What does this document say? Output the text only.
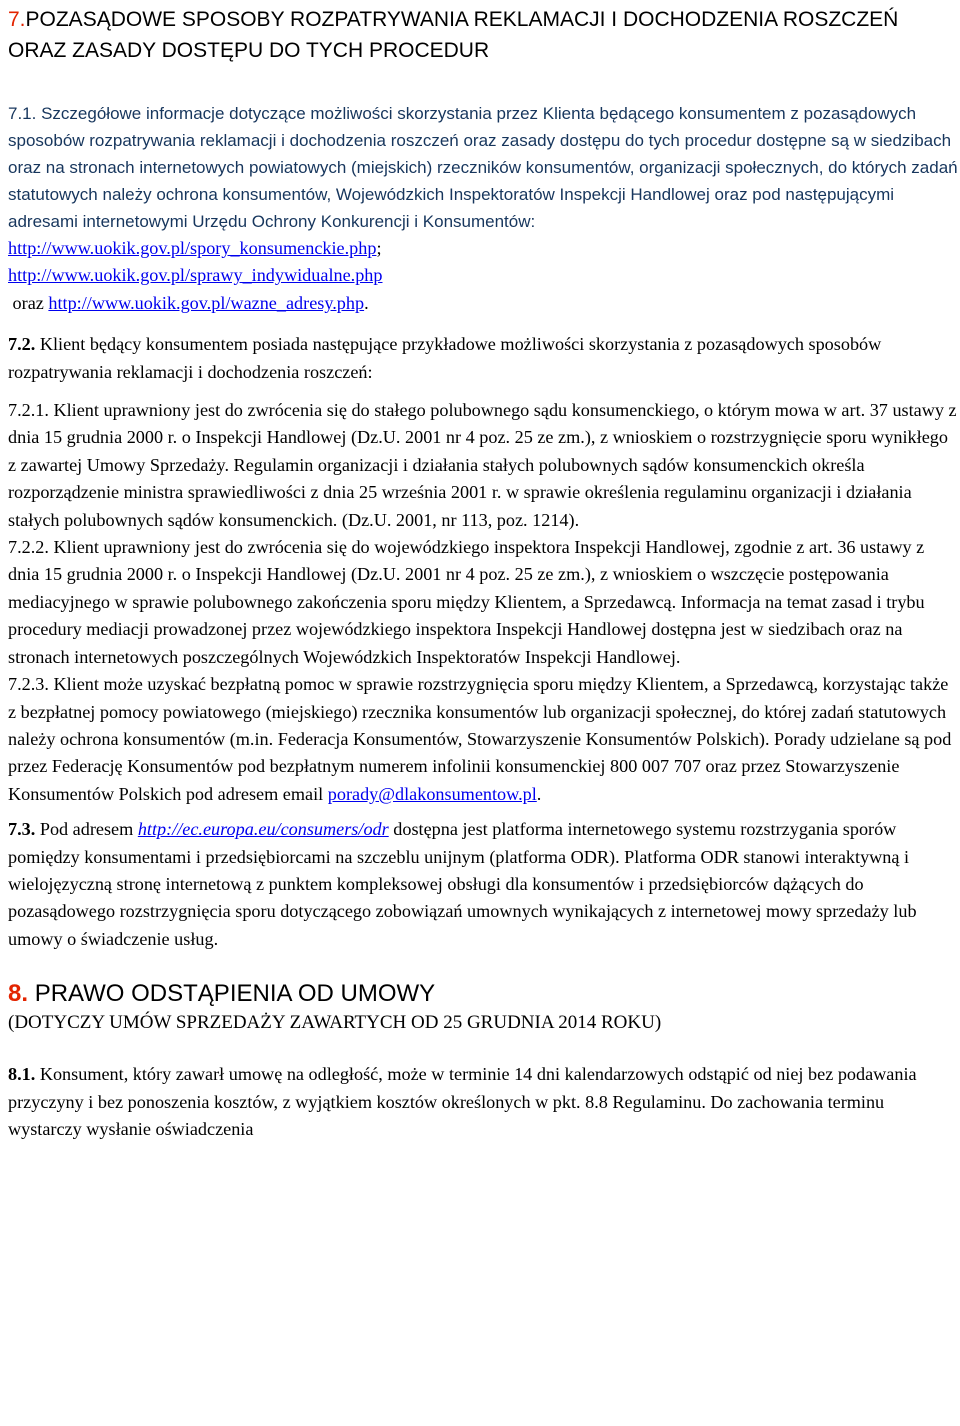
7.POZASĄDOWE SPOSOBY ROZPATRYWANIA REKLAMACJI I DOCHODZENIA ROSZCZEŃ ORAZ ZASADY DOSTĘPU DO TYCH PROCEDUR
7.1. Szczegółowe informacje dotyczące możliwości skorzystania przez Klienta będącego konsumentem z pozasądowych sposobów rozpatrywania reklamacji i dochodzenia roszczeń oraz zasady dostępu do tych procedur dostępne są w siedzibach oraz na stronach internetowych powiatowych (miejskich) rzeczników konsumentów, organizacji społecznych, do których zadań statutowych należy ochrona konsumentów, Wojewódzkich Inspektoratów Inspekcji Handlowej oraz pod następującymi adresami internetowymi Urzędu Ochrony Konkurencji i Konsumentów:
http://www.uokik.gov.pl/spory_konsumenckie.php;
http://www.uokik.gov.pl/sprawy_indywidualne.php
oraz http://www.uokik.gov.pl/wazne_adresy.php.
7.2. Klient będący konsumentem posiada następujące przykładowe możliwości skorzystania z pozasądowych sposobów rozpatrywania reklamacji i dochodzenia roszczeń:
7.2.1. Klient uprawniony jest do zwrócenia się do stałego polubownego sądu konsumenckiego, o którym mowa w art. 37 ustawy z dnia 15 grudnia 2000 r. o Inspekcji Handlowej (Dz.U. 2001 nr 4 poz. 25 ze zm.), z wnioskiem o rozstrzygnięcie sporu wynikłego z zawartej Umowy Sprzedaży. Regulamin organizacji i działania stałych polubownych sądów konsumenckich określa rozporządzenie ministra sprawiedliwości z dnia 25 września 2001 r. w sprawie określenia regulaminu organizacji i działania stałych polubownych sądów konsumenckich. (Dz.U. 2001, nr 113, poz. 1214).
7.2.2. Klient uprawniony jest do zwrócenia się do wojewódzkiego inspektora Inspekcji Handlowej, zgodnie z art. 36 ustawy z dnia 15 grudnia 2000 r. o Inspekcji Handlowej (Dz.U. 2001 nr 4 poz. 25 ze zm.), z wnioskiem o wszczęcie postępowania mediacyjnego w sprawie polubownego zakończenia sporu między Klientem, a Sprzedawcą. Informacja na temat zasad i trybu procedury mediacji prowadzonej przez wojewódzkiego inspektora Inspekcji Handlowej dostępna jest w siedzibach oraz na stronach internetowych poszczególnych Wojewódzkich Inspektoratów Inspekcji Handlowej.
7.2.3. Klient może uzyskać bezpłatną pomoc w sprawie rozstrzygnięcia sporu między Klientem, a Sprzedawcą, korzystając także z bezpłatnej pomocy powiatowego (miejskiego) rzecznika konsumentów lub organizacji społecznej, do której zadań statutowych należy ochrona konsumentów (m.in. Federacja Konsumentów, Stowarzyszenie Konsumentów Polskich). Porady udzielane są pod przez Federację Konsumentów pod bezpłatnym numerem infolinii konsumenckiej 800 007 707 oraz przez Stowarzyszenie Konsumentów Polskich pod adresem email porady@dlakonsumentow.pl.
7.3. Pod adresem http://ec.europa.eu/consumers/odr dostępna jest platforma internetowego systemu rozstrzygania sporów pomiędzy konsumentami i przedsiębiorcami na szczeblu unijnym (platforma ODR). Platforma ODR stanowi interaktywną i wielojęzyczną stronę internetową z punktem kompleksowej obsługi dla konsumentów i przedsiębiorców dążących do pozasądowego rozstrzygnięcia sporu dotyczącego zobowiązań umownych wynikających z internetowej mowy sprzedaży lub umowy o świadczenie usług.
8. PRAWO ODSTĄPIENIA OD UMOWY
(DOTYCZY UMÓW SPRZEDAŻY ZAWARTYCH OD 25 GRUDNIA 2014 ROKU)
8.1. Konsument, który zawarł umowę na odległość, może w terminie 14 dni kalendarzowych odstąpić od niej bez podawania przyczyny i bez ponoszenia kosztów, z wyjątkiem kosztów określonych w pkt. 8.8 Regulaminu. Do zachowania terminu wystarczy wysłanie oświadczenia
